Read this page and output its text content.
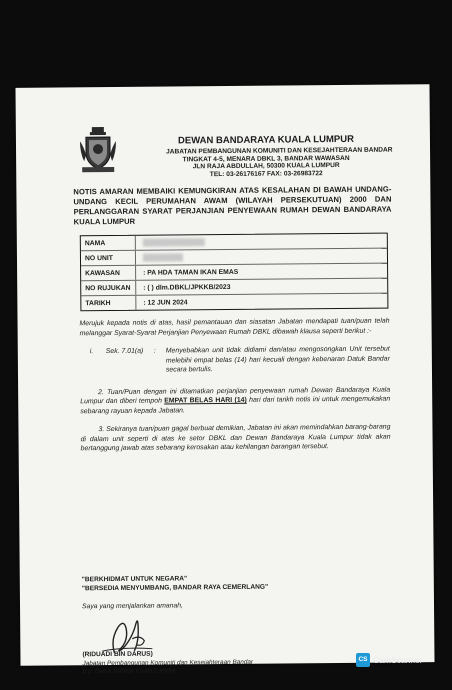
DEWAN BANDARAYA KUALA LUMPUR
JABATAN PEMBANGUNAN KOMUNITI DAN KESEJAHTERAAN BANDAR
TINGKAT 4-5, MENARA DBKL 3, BANDAR WAWASAN
JLN RAJA ABDULLAH, 50300 KUALA LUMPUR
TEL: 03-26176167 FAX: 03-26983722
NOTIS AMARAN MEMBAIKI KEMUNGKIRAN ATAS KESALAHAN DI BAWAH UNDANG-UNDANG KECIL PERUMAHAN AWAM (WILAYAH PERSEKUTUAN) 2000 DAN PERLANGGARAN SYARAT PERJANJIAN PENYEWAAN RUMAH DEWAN BANDARAYA KUALA LUMPUR
NAMA
NO UNIT
KAWASAN	: PA HDA TAMAN IKAN EMAS
NO RUJUKAN : ( ) dlm.DBKL/JPKKB/2023
TARIKH	: 12 JUN 2024

Merujuk kepada notis di atas, hasil pemantauan dan siasatan Jabatan mendapati tuan/puan telah melanggar Syarat-Syarat Perjanjian Penyewaan Rumah DBKL dibawah klausa seperti berikut :-

i. Sek. 7.01(a) : Menyebabkan unit tidak didiami dan/atau mengosongkan Unit tersebut melebihi empat belas (14) hari kecuali dengan kebenaran Datuk Bandar secara bertulis.

2. Tuan/Puan dengan ini ditamatkan perjanjian penyewaan rumah Dewan Bandaraya Kuala Lumpur dan diberi tempoh EMPAT BELAS HARI (14) hari dari tarikh notis ini untuk mengemukakan sebarang rayuan kepada Jabatan.

3. Sekiranya tuan/puan gagal berbuat demikian, Jabatan ini akan memindahkan barang-barang di dalam unit seperti di atas ke setor DBKL dan Dewan Bandaraya Kuala Lumpur tidak akan bertanggung jawab atas sebarang kerosakan atau kehilangan barangan tersebut.

"BERKHIDMAT UNTUK NEGARA"
"BERSEDIA MENYUMBANG, BANDAR RAYA CEMERLANG"
Saya yang menjalankan amanah,
(RIDUADI BIN DARUS)
Jabatan Pembangunan Komuniti dan Kesejahteraan Bandar
b.p. Datuk Bandar Kuala Lumpur
CS CamScanner
